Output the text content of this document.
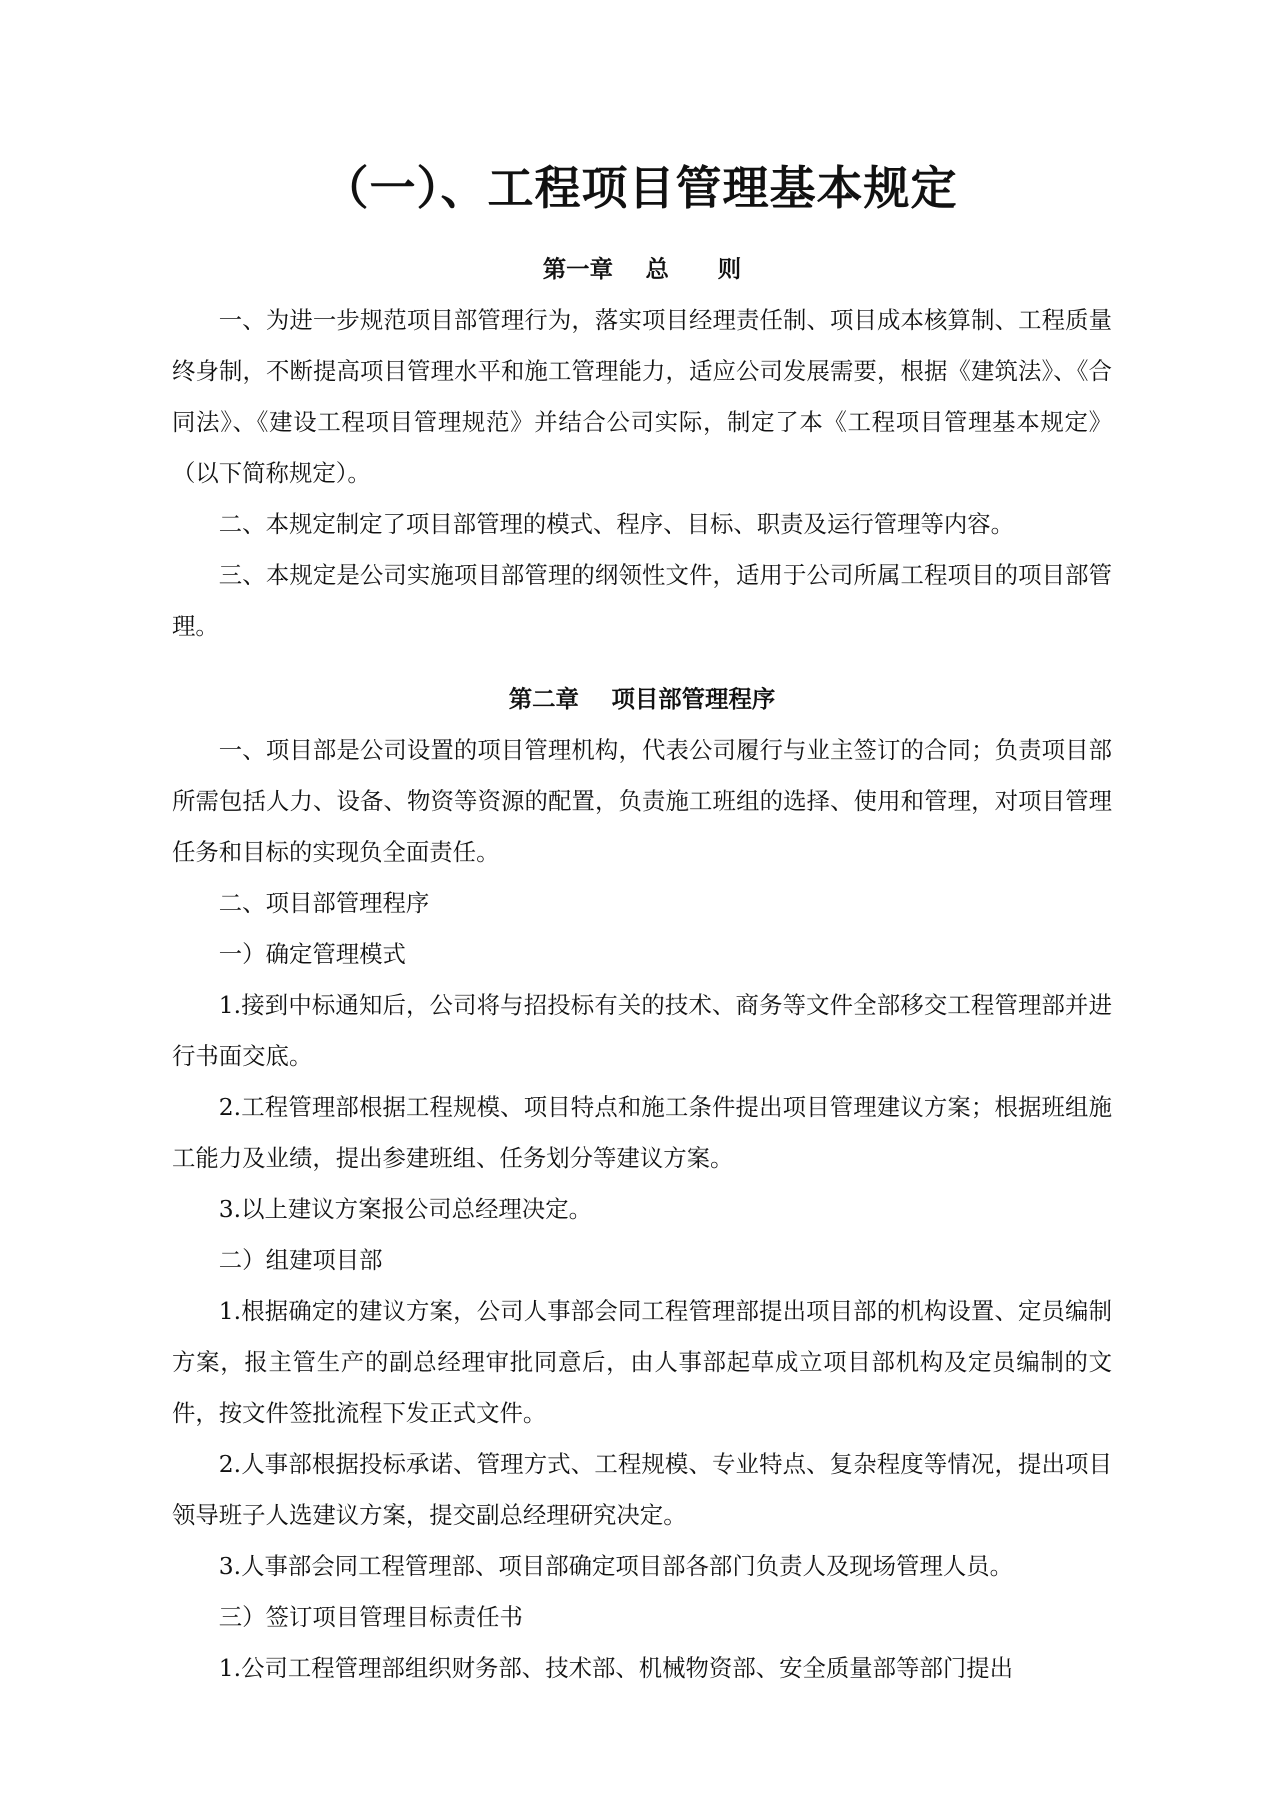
（一）、工程项目管理基本规定
第一章    总      则

一、为进一步规范项目部管理行为，落实项目经理责任制、项目成本核算制、工程质量终身制，不断提高项目管理水平和施工管理能力，适应公司发展需要，根据《建筑法》、《合同法》、《建设工程项目管理规范》并结合公司实际，制定了本《工程项目管理基本规定》（以下简称规定）。

二、本规定制定了项目部管理的模式、程序、目标、职责及运行管理等内容。

三、本规定是公司实施项目部管理的纲领性文件，适用于公司所属工程项目的项目部管理。

第二章    项目部管理程序

一、项目部是公司设置的项目管理机构，代表公司履行与业主签订的合同；负责项目部所需包括人力、设备、物资等资源的配置，负责施工班组的选择、使用和管理，对项目管理任务和目标的实现负全面责任。

二、项目部管理程序

一）确定管理模式

1.接到中标通知后，公司将与招投标有关的技术、商务等文件全部移交工程管理部并进行书面交底。

2.工程管理部根据工程规模、项目特点和施工条件提出项目管理建议方案；根据班组施工能力及业绩，提出参建班组、任务划分等建议方案。

3.以上建议方案报公司总经理决定。

二）组建项目部

1.根据确定的建议方案，公司人事部会同工程管理部提出项目部的机构设置、定员编制方案，报主管生产的副总经理审批同意后，由人事部起草成立项目部机构及定员编制的文件，按文件签批流程下发正式文件。

2.人事部根据投标承诺、管理方式、工程规模、专业特点、复杂程度等情况，提出项目领导班子人选建议方案，提交副总经理研究决定。

3.人事部会同工程管理部、项目部确定项目部各部门负责人及现场管理人员。

三）签订项目管理目标责任书

1.公司工程管理部组织财务部、技术部、机械物资部、安全质量部等部门提出
